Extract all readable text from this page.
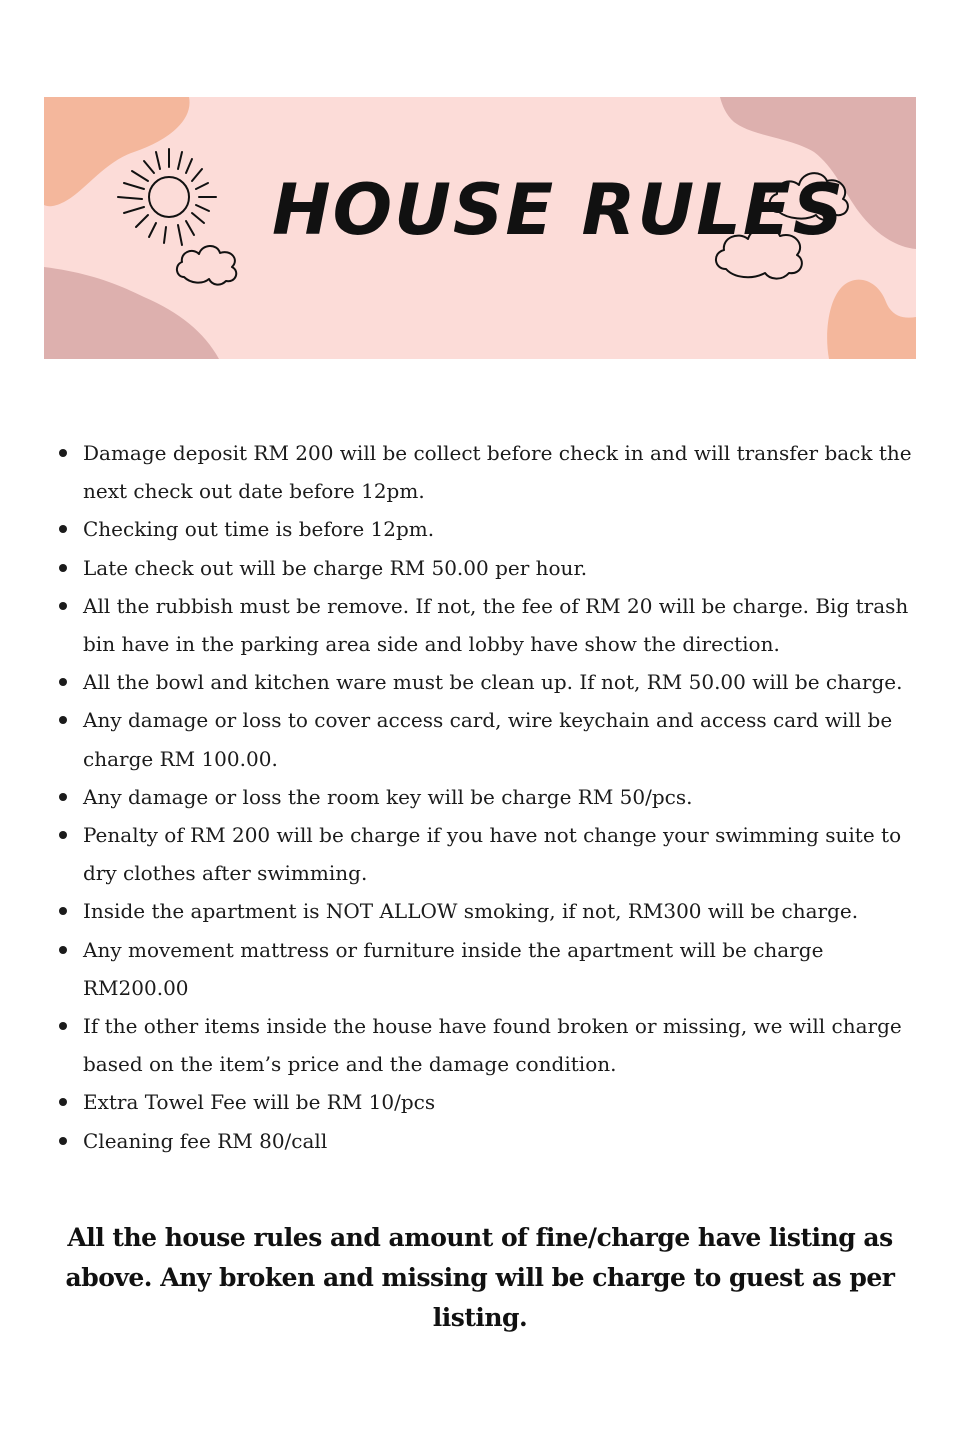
HOUSE RULES
Damage deposit RM 200 will be collect before check in and will transfer back the next check out date before 12pm.
Checking out time is before 12pm.
Late check out will be charge RM 50.00 per hour.
All the rubbish must be remove. If not, the fee of RM 20 will be charge. Big trash bin have in the parking area side and lobby have show the direction.
All the bowl and kitchen ware must be clean up. If not, RM 50.00 will be charge.
Any damage or loss to cover access card, wire keychain and access card will be charge RM 100.00.
Any damage or loss the room key will be charge RM 50/pcs.
Penalty of RM 200 will be charge if you have not change your swimming suite to dry clothes after swimming.
Inside the apartment is NOT ALLOW smoking, if not, RM300 will be charge.
Any movement mattress or furniture inside the apartment will be charge RM200.00
If the other items inside the house have found broken or missing, we will charge based on the item’s price and the damage condition.
Extra Towel Fee will be RM 10/pcs
Cleaning fee RM 80/call

All the house rules and amount of fine/charge have listing as above. Any broken and missing will be charge to guest as per listing.
